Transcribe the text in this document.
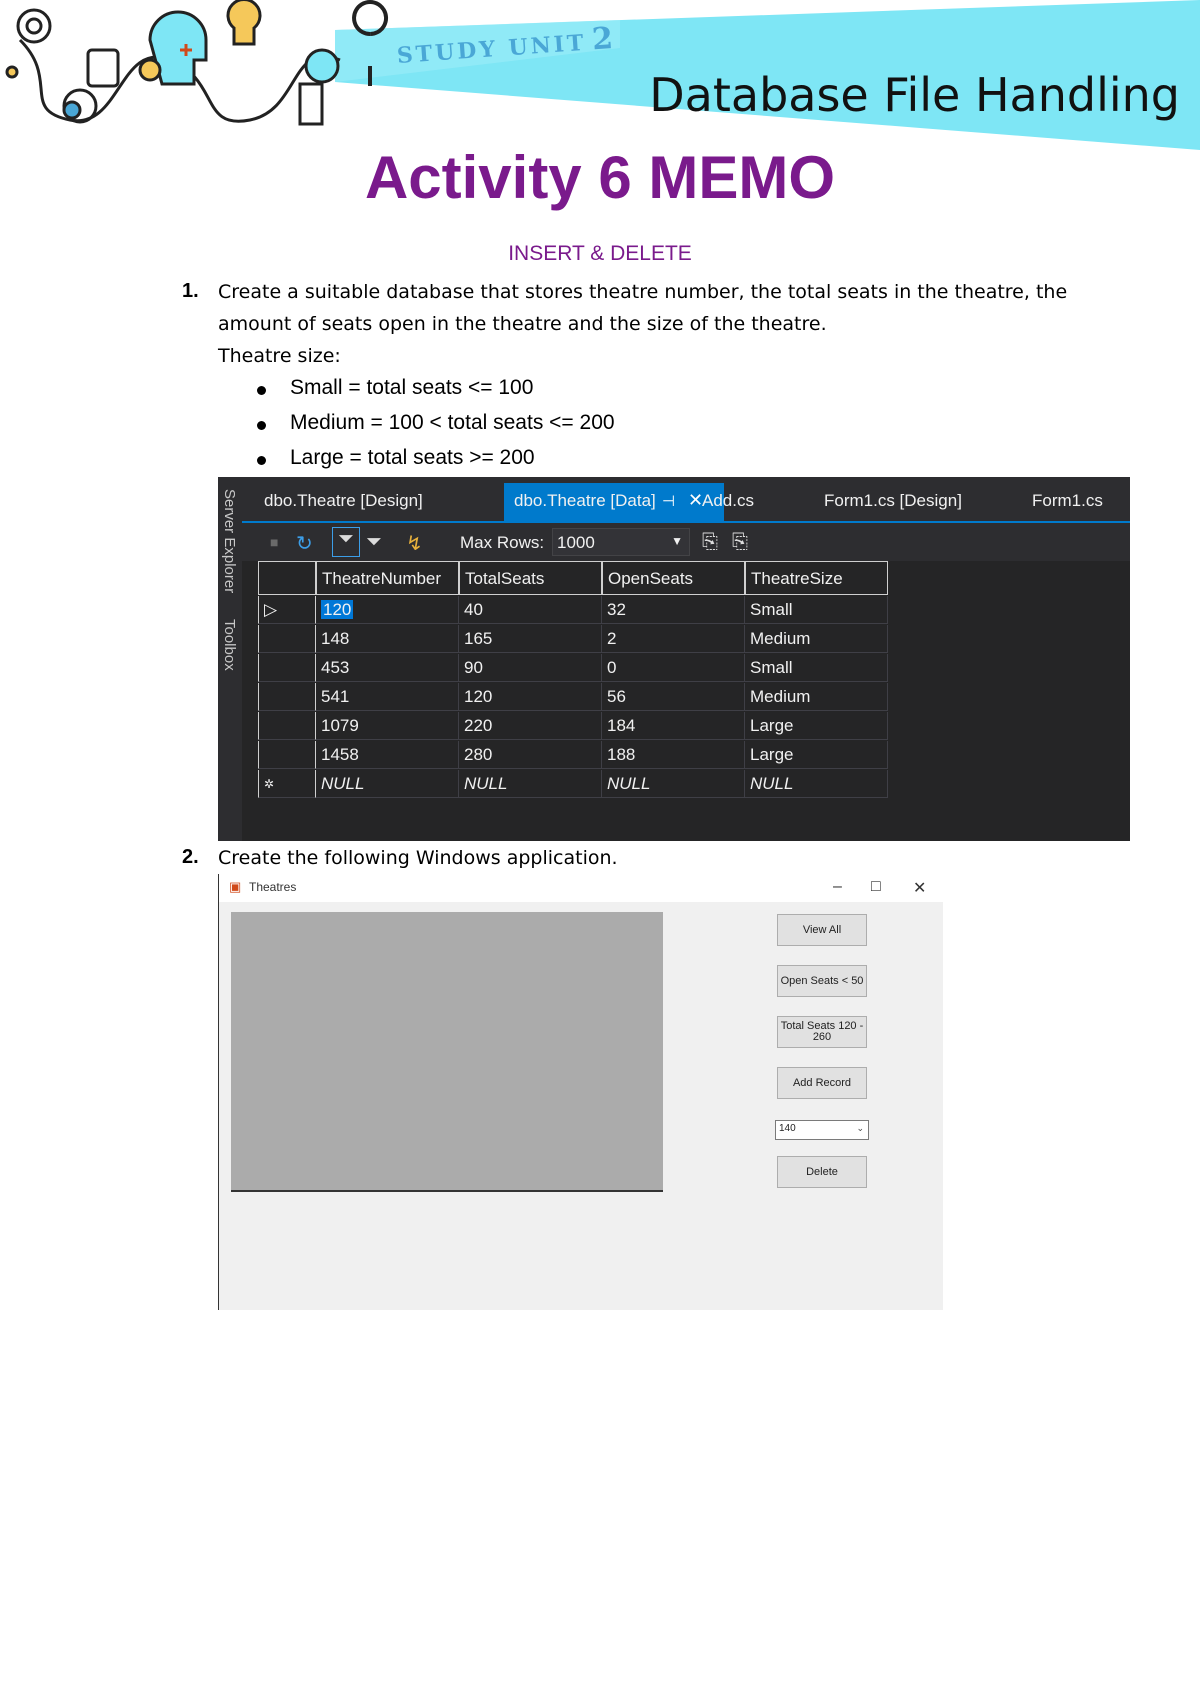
STUDY UNIT 2
Database File Handling
Activity 6 MEMO
INSERT & DELETE
1. Create a suitable database that stores theatre number, the total seats in the theatre, the
amount of seats open in the theatre and the size of the theatre.
Theatre size:
Small = total seats <= 100
Medium = 100 < total seats <= 200
Large = total seats >= 200
Server Explorer
Toolbox
dbo.Theatre [Design]	dbo.Theatre [Data] ⊣ ✕
Add.cs	Form1.cs [Design]	Form1.cs
■ ↻	⏷ ⏷ ↯ Max Rows: 1000	▼ ⎘ ⎘
TheatreNumber	TotalSeats	OpenSeats	TheatreSize
▷	120	40	32	Small
148	165	2	Medium
453	90	0	Small
541	120	56	Medium
1079	220	184	Large
1458	280	188	Large
✲	NULL	NULL	NULL	NULL
2. Create the following Windows application.
▣ Theatres	– □ ✕
View All
Open Seats < 50
Total Seats 120 - 260
Add Record
140	⌄
Delete
